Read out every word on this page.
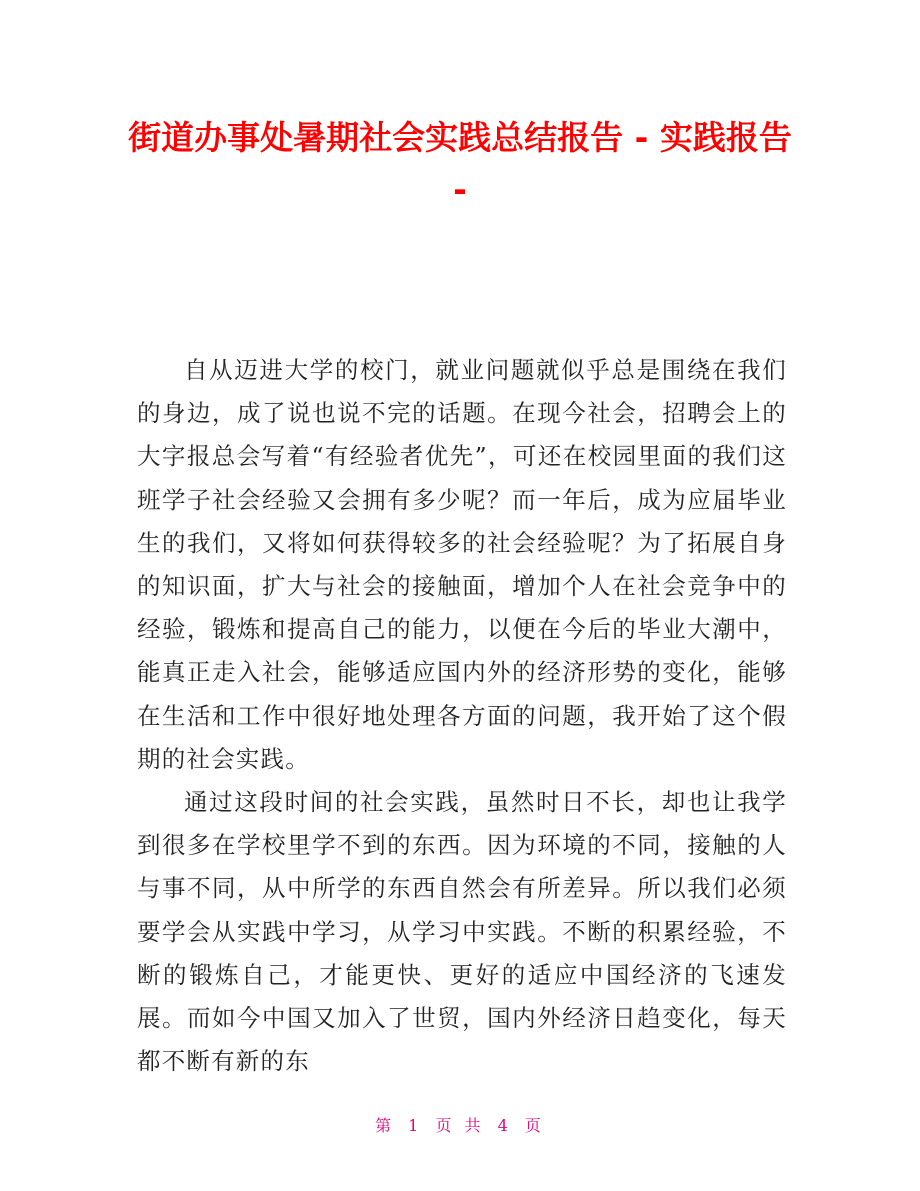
街道办事处暑期社会实践总结报告 - 实践报告 -

自从迈进大学的校门，就业问题就似乎总是围绕在我们的身边，成了说也说不完的话题。在现今社会，招聘会上的大字报总会写着“有经验者优先”，可还在校园里面的我们这班学子社会经验又会拥有多少呢？而一年后，成为应届毕业生的我们，又将如何获得较多的社会经验呢？为了拓展自身的知识面，扩大与社会的接触面，增加个人在社会竞争中的经验，锻炼和提高自己的能力，以便在今后的毕业大潮中，能真正走入社会，能够适应国内外的经济形势的变化，能够在生活和工作中很好地处理各方面的问题，我开始了这个假期的社会实践。

通过这段时间的社会实践，虽然时日不长，却也让我学到很多在学校里学不到的东西。因为环境的不同，接触的人与事不同，从中所学的东西自然会有所差异。所以我们必须要学会从实践中学习，从学习中实践。不断的积累经验，不断的锻炼自己，才能更快、更好的适应中国经济的飞速发展。而如今中国又加入了世贸，国内外经济日趋变化，每天都不断有新的东

第 1 页 共 4 页
